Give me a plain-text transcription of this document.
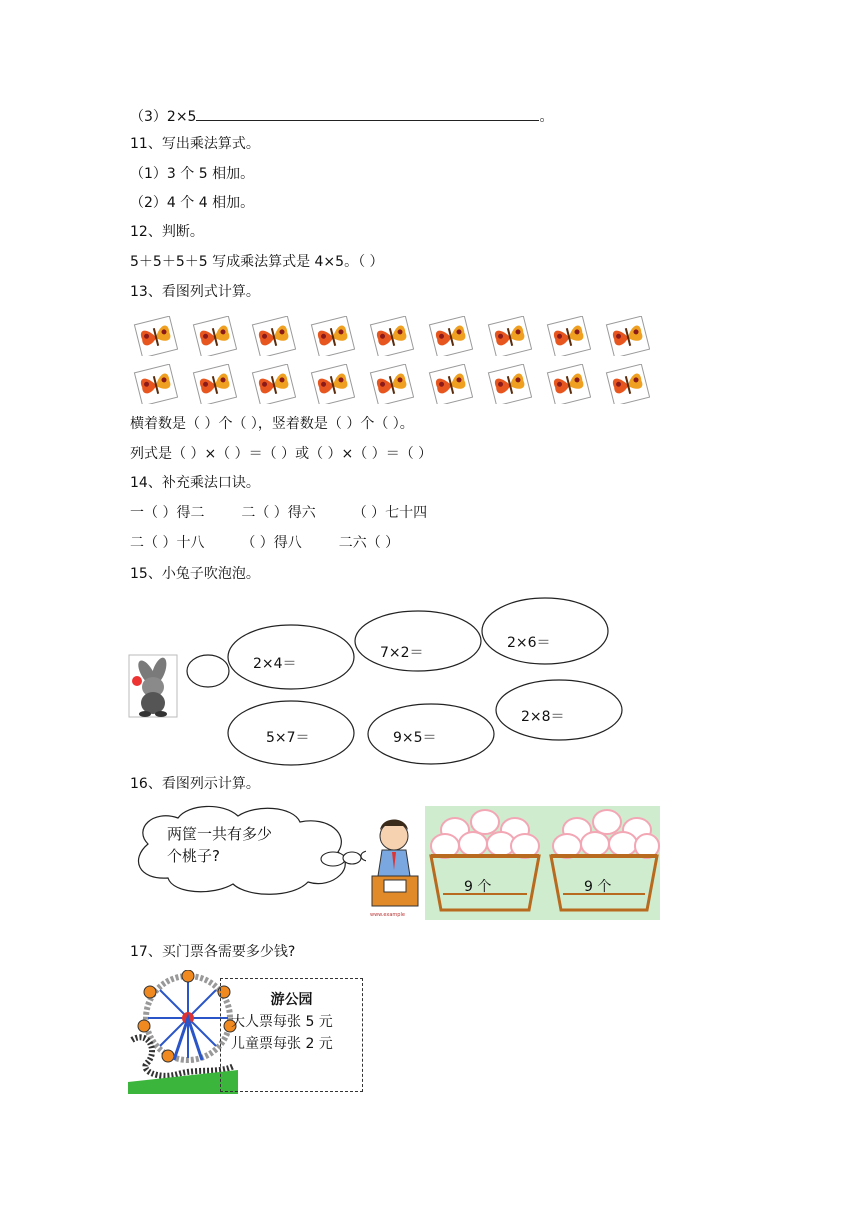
（3）2×5	。
11、写出乘法算式。
（1）3 个 5 相加。
（2）4 个 4 相加。
12、判断。
5＋5＋5＋5 写成乘法算式是 4×5。（ ）
13、看图列式计算。
横着数是（ ）个（ ），竖着数是（ ）个（ ）。
列式是（ ）×（ ）＝（ ）或（ ）×（ ）＝（ ）
14、补充乘法口诀。
一（ ）得二	二（ ）得六	（ ）七十四
二（ ）十八	（ ）得八	二六（ ）
15、小兔子吹泡泡。
2×4＝
7×2＝
2×6＝
5×7＝	9×5＝
2×8＝
16、看图列示计算。
两筐一共有多少
个桃子?
www.example
9 个	9 个
17、买门票各需要多少钱?
游公园
大人票每张 5 元
儿童票每张 2 元
